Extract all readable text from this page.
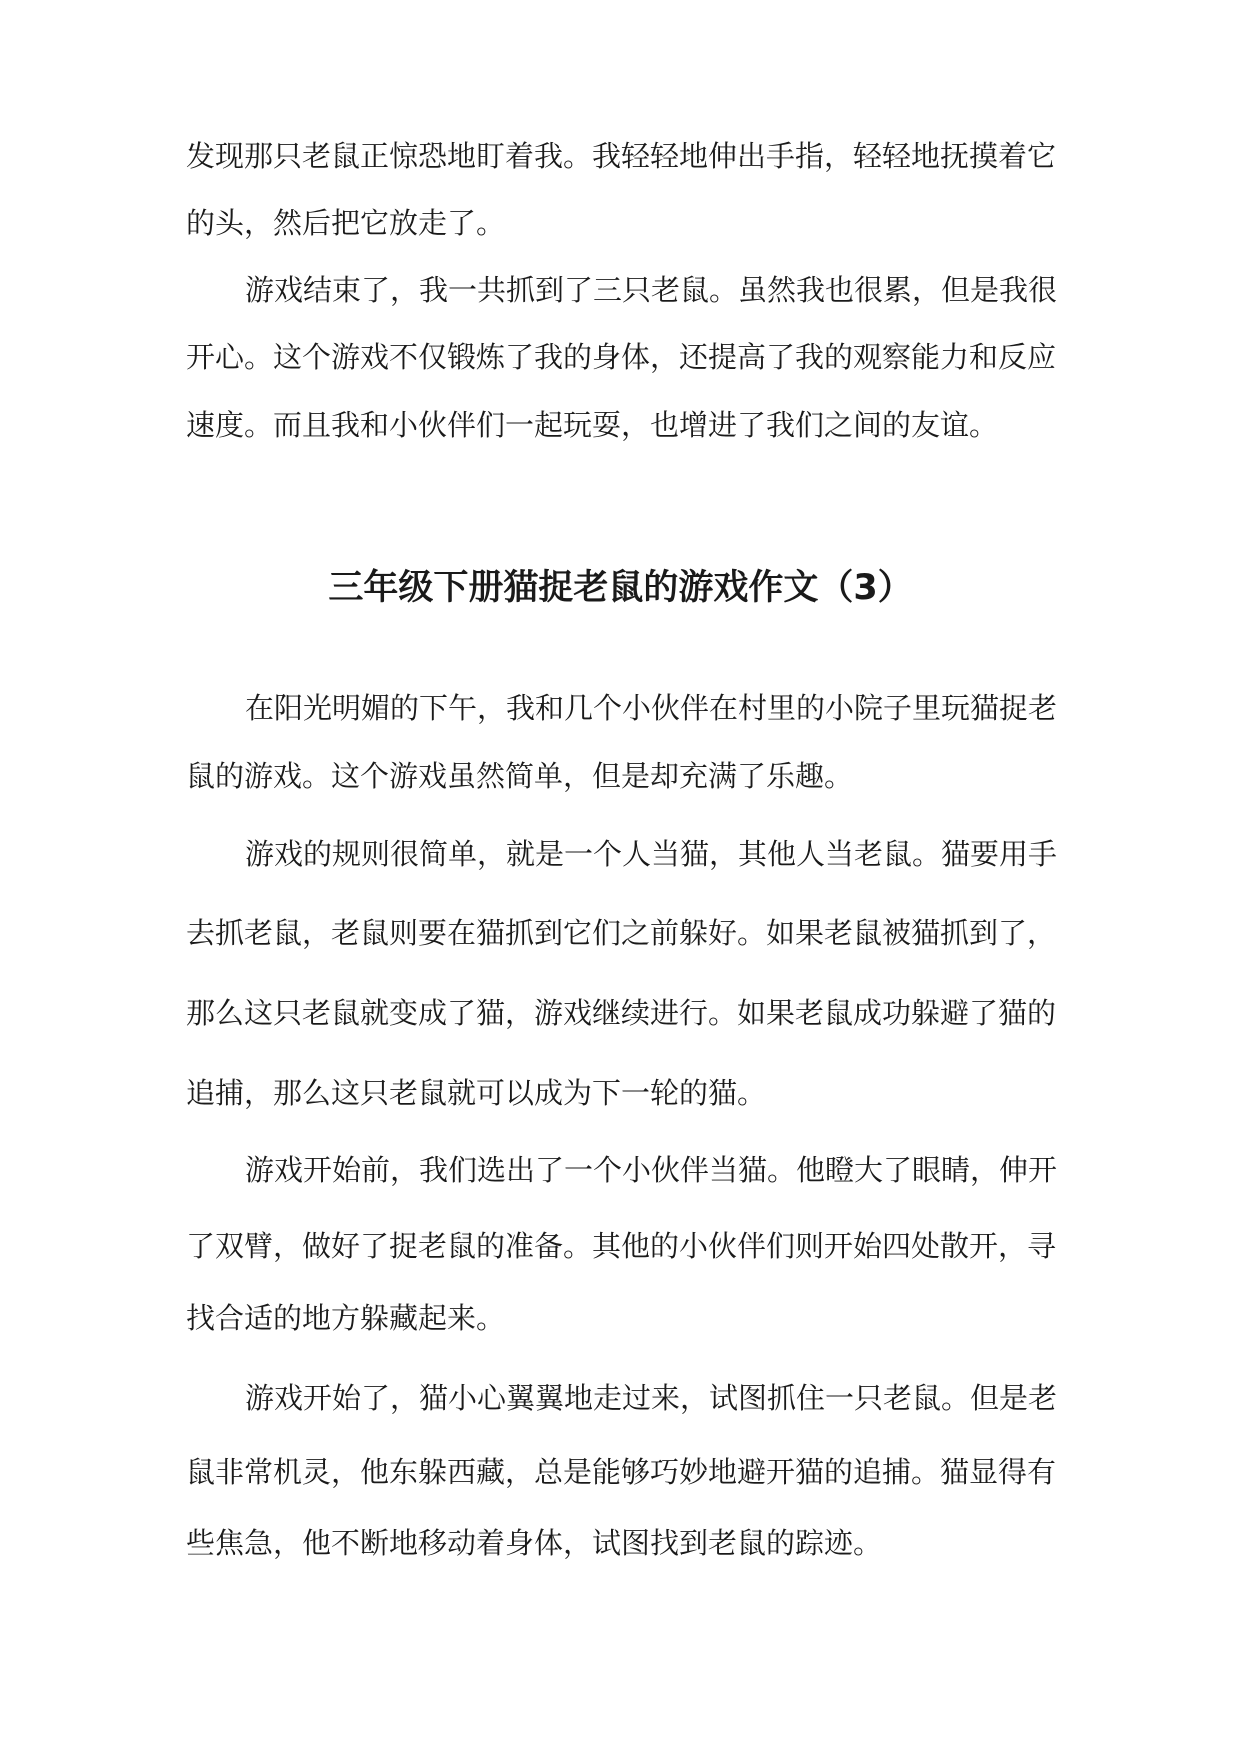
发现那只老鼠正惊恐地盯着我。我轻轻地伸出手指，轻轻地抚摸着它

的头，然后把它放走了。

游戏结束了，我一共抓到了三只老鼠。虽然我也很累，但是我很

开心。这个游戏不仅锻炼了我的身体，还提高了我的观察能力和反应

速度。而且我和小伙伴们一起玩耍，也增进了我们之间的友谊。

三年级下册猫捉老鼠的游戏作文（3）

在阳光明媚的下午，我和几个小伙伴在村里的小院子里玩猫捉老

鼠的游戏。这个游戏虽然简单，但是却充满了乐趣。

游戏的规则很简单，就是一个人当猫，其他人当老鼠。猫要用手

去抓老鼠，老鼠则要在猫抓到它们之前躲好。如果老鼠被猫抓到了，

那么这只老鼠就变成了猫，游戏继续进行。如果老鼠成功躲避了猫的

追捕，那么这只老鼠就可以成为下一轮的猫。

游戏开始前，我们选出了一个小伙伴当猫。他瞪大了眼睛，伸开

了双臂，做好了捉老鼠的准备。其他的小伙伴们则开始四处散开，寻

找合适的地方躲藏起来。

游戏开始了，猫小心翼翼地走过来，试图抓住一只老鼠。但是老

鼠非常机灵，他东躲西藏，总是能够巧妙地避开猫的追捕。猫显得有

些焦急，他不断地移动着身体，试图找到老鼠的踪迹。
